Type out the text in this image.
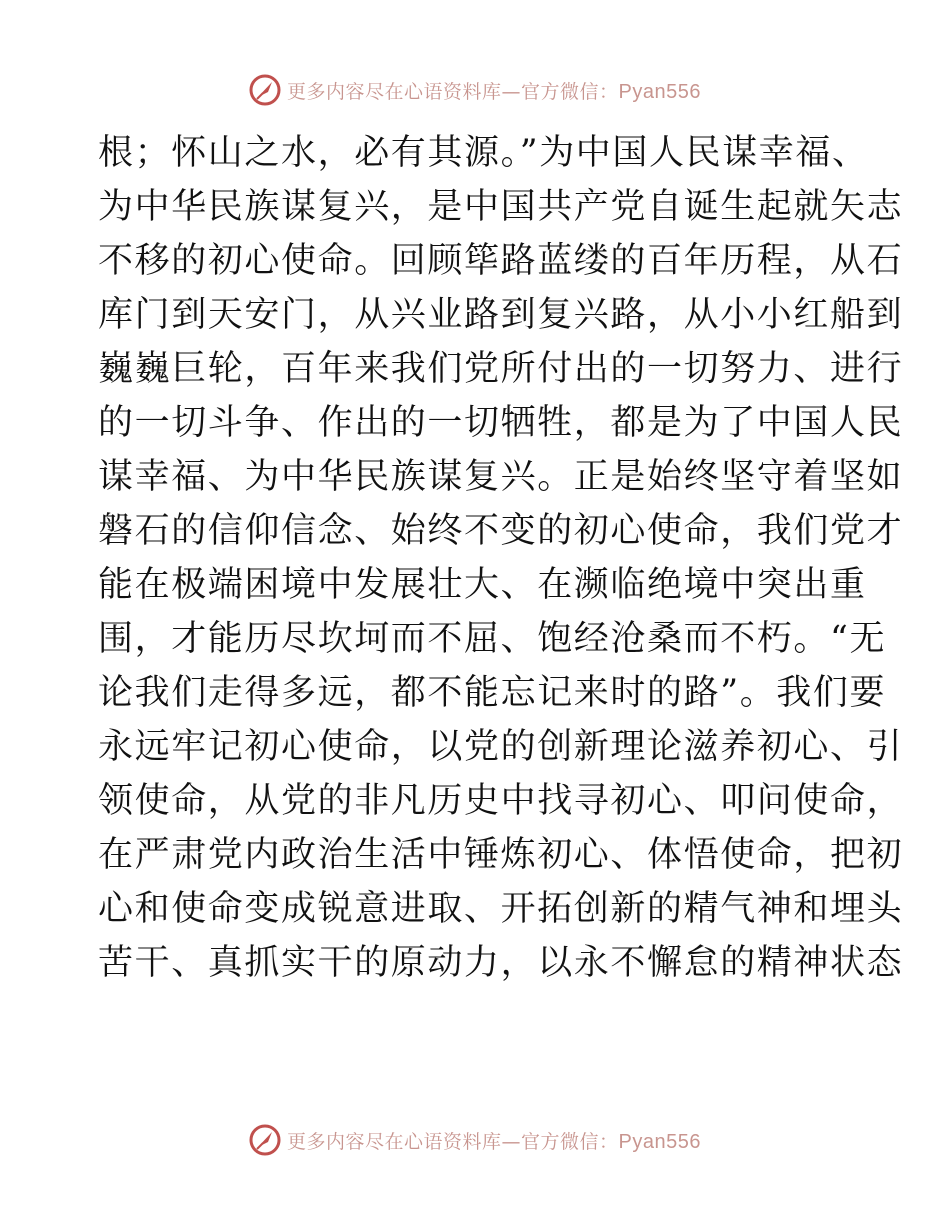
更多内容尽在心语资料库—官方微信：Pyan556
根；怀山之水，必有其源。”为中国人民谋幸福、
为中华民族谋复兴，是中国共产党自诞生起就矢志
不移的初心使命。回顾筚路蓝缕的百年历程，从石
库门到天安门，从兴业路到复兴路，从小小红船到
巍巍巨轮，百年来我们党所付出的一切努力、进行
的一切斗争、作出的一切牺牲，都是为了中国人民
谋幸福、为中华民族谋复兴。正是始终坚守着坚如
磐石的信仰信念、始终不变的初心使命，我们党才
能在极端困境中发展壮大、在濒临绝境中突出重
围，才能历尽坎坷而不屈、饱经沧桑而不朽。“无
论我们走得多远，都不能忘记来时的路”。我们要
永远牢记初心使命，以党的创新理论滋养初心、引
领使命，从党的非凡历史中找寻初心、叩问使命，
在严肃党内政治生活中锤炼初心、体悟使命，把初
心和使命变成锐意进取、开拓创新的精气神和埋头
苦干、真抓实干的原动力，以永不懈怠的精神状态
更多内容尽在心语资料库—官方微信：Pyan556
